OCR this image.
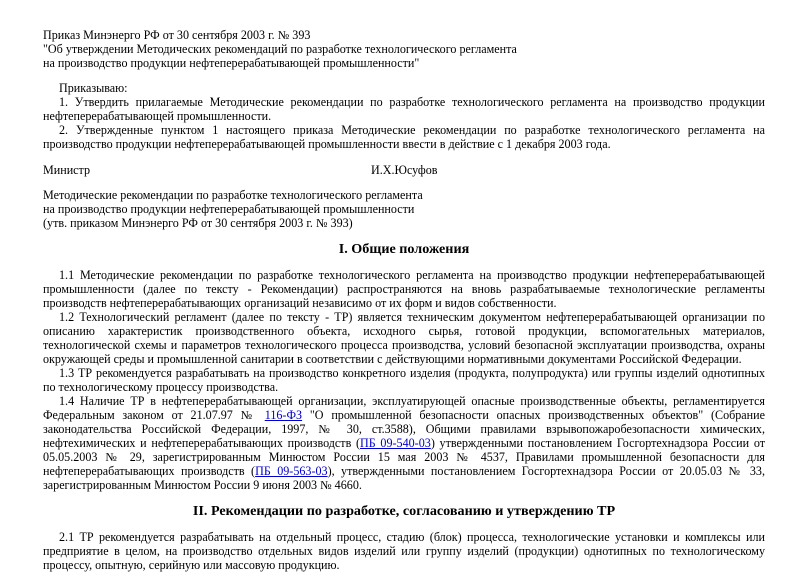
Приказ Минэнерго РФ от 30 сентября 2003 г. № 393
"Об утверждении Методических рекомендаций по разработке технологического регламента
на производство продукции нефтеперерабатывающей промышленности"

Приказываю:

1. Утвердить прилагаемые Методические рекомендации по разработке технологического регламента на производство продукции нефтеперерабатывающей промышленности.

2. Утвержденные пунктом 1 настоящего приказа Методические рекомендации по разработке технологического регламента на производство продукции нефтеперерабатывающей промышленности ввести в действие с 1 декабря 2003 года.

Министр	И.Х.Юсуфов
Методические рекомендации по разработке технологического регламента
на производство продукции нефтеперерабатывающей промышленности
(утв. приказом Минэнерго РФ от 30 сентября 2003 г. № 393)
I. Общие положения

1.1 Методические рекомендации по разработке технологического регламента на производство продукции нефтеперерабатывающей промышленности (далее по тексту - Рекомендации) распространяются на вновь разрабатываемые технологические регламенты производств нефтеперерабатывающих организаций независимо от их форм и видов собственности.

1.2 Технологический регламент (далее по тексту - ТР) является техническим документом нефтеперерабатывающей организации по описанию характеристик производственного объекта, исходного сырья, готовой продукции, вспомогательных материалов, технологической схемы и параметров технологического процесса производства, условий безопасной эксплуатации производства, охраны окружающей среды и промышленной санитарии в соответствии с действующими нормативными документами Российской Федерации.

1.3 ТР рекомендуется разрабатывать на производство конкретного изделия (продукта, полупродукта) или группы изделий однотипных по технологическому процессу производства.

1.4 Наличие ТР в нефтеперерабатывающей организации, эксплуатирующей опасные производственные объекты, регламентируется Федеральным законом от 21.07.97 № 116-ФЗ "О промышленной безопасности опасных производственных объектов" (Собрание законодательства Российской Федерации, 1997, № 30, ст.3588), Общими правилами взрывопожаробезопасности химических, нефтехимических и нефтеперерабатывающих производств (ПБ 09-540-03) утвержденными постановлением Госгортехнадзора России от 05.05.2003 № 29, зарегистрированным Минюстом России 15 мая 2003 № 4537, Правилами промышленной безопасности для нефтеперерабатывающих производств (ПБ 09-563-03), утвержденными постановлением Госгортехнадзора России от 20.05.03 № 33, зарегистрированным Минюстом России 9 июня 2003 № 4660.

II. Рекомендации по разработке, согласованию и утверждению ТР

2.1 ТР рекомендуется разрабатывать на отдельный процесс, стадию (блок) процесса, технологические установки и комплексы или предприятие в целом, на производство отдельных видов изделий или группу изделий (продукции) однотипных по технологическому процессу, опытную, серийную или массовую продукцию.
